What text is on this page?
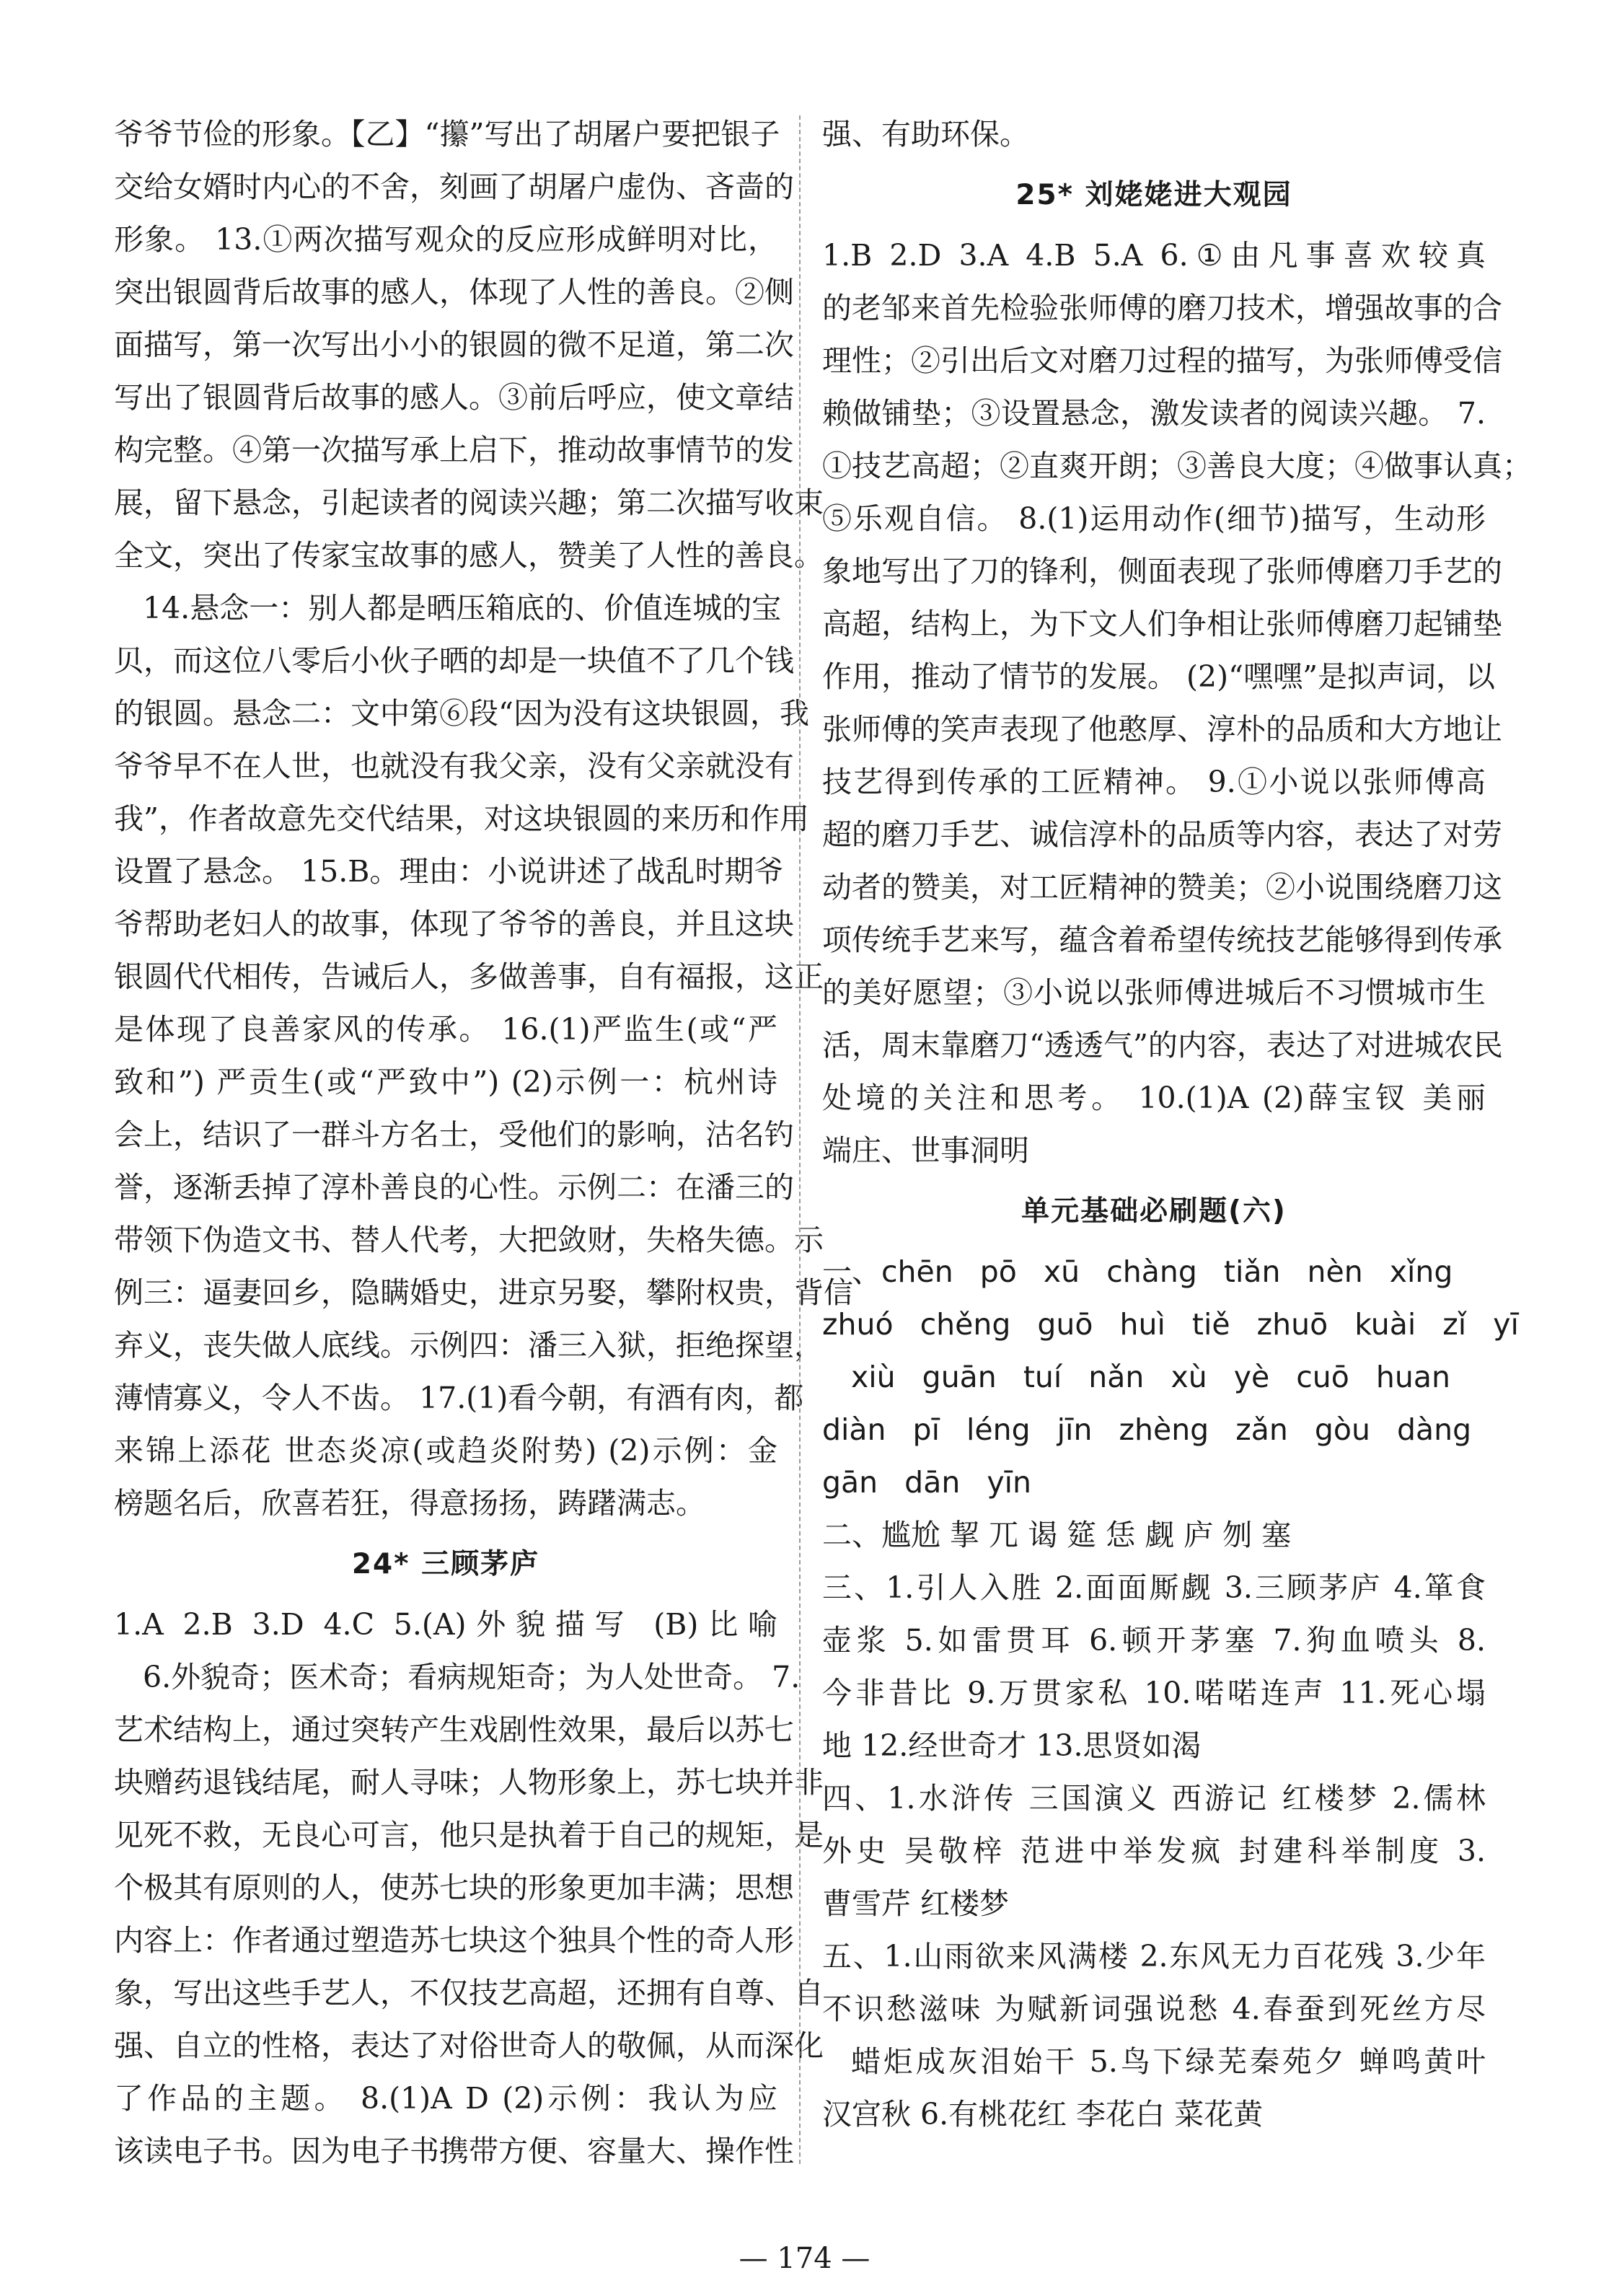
爷爷节俭的形象。【乙】“攥”写出了胡屠户要把银子
交给女婿时内心的不舍，刻画了胡屠户虚伪、吝啬的
形象。 13.①两次描写观众的反应形成鲜明对比，
突出银圆背后故事的感人，体现了人性的善良。②侧
面描写，第一次写出小小的银圆的微不足道，第二次
写出了银圆背后故事的感人。③前后呼应，使文章结
构完整。④第一次描写承上启下，推动故事情节的发
展，留下悬念，引起读者的阅读兴趣；第二次描写收束
全文，突出了传家宝故事的感人，赞美了人性的善良。
14.悬念一：别人都是晒压箱底的、价值连城的宝
贝，而这位八零后小伙子晒的却是一块值不了几个钱
的银圆。悬念二：文中第⑥段“因为没有这块银圆，我
爷爷早不在人世，也就没有我父亲，没有父亲就没有
我”，作者故意先交代结果，对这块银圆的来历和作用
设置了悬念。 15.B。理由：小说讲述了战乱时期爷
爷帮助老妇人的故事，体现了爷爷的善良，并且这块
银圆代代相传，告诫后人，多做善事，自有福报，这正
是体现了良善家风的传承。 16.(1)严监生(或“严
致和”) 严贡生(或“严致中”) (2)示例一：杭州诗
会上，结识了一群斗方名士，受他们的影响，沽名钓
誉，逐渐丢掉了淳朴善良的心性。示例二：在潘三的
带领下伪造文书、替人代考，大把敛财，失格失德。示
例三：逼妻回乡，隐瞒婚史，进京另娶，攀附权贵，背信
弃义，丧失做人底线。示例四：潘三入狱，拒绝探望，
薄情寡义，令人不齿。 17.(1)看今朝，有酒有肉，都
来锦上添花 世态炎凉(或趋炎附势) (2)示例：金
榜题名后，欣喜若狂，得意扬扬，踌躇满志。
24* 三顾茅庐
1.A 2.B 3.D 4.C 5.(A)外貌描写 (B)比喻
6.外貌奇；医术奇；看病规矩奇；为人处世奇。 7.
艺术结构上，通过突转产生戏剧性效果，最后以苏七
块赠药退钱结尾，耐人寻味；人物形象上，苏七块并非
见死不救，无良心可言，他只是执着于自己的规矩，是
个极其有原则的人，使苏七块的形象更加丰满；思想
内容上：作者通过塑造苏七块这个独具个性的奇人形
象，写出这些手艺人，不仅技艺高超，还拥有自尊、自
强、自立的性格，表达了对俗世奇人的敬佩，从而深化
了作品的主题。 8.(1)A D (2)示例：我认为应
该读电子书。因为电子书携带方便、容量大、操作性
强、有助环保。
25* 刘姥姥进大观园
1.B 2.D 3.A 4.B 5.A 6.①由凡事喜欢较真
的老邹来首先检验张师傅的磨刀技术，增强故事的合
理性；②引出后文对磨刀过程的描写，为张师傅受信
赖做铺垫；③设置悬念，激发读者的阅读兴趣。 7.
①技艺高超；②直爽开朗；③善良大度；④做事认真；
⑤乐观自信。 8.(1)运用动作(细节)描写，生动形
象地写出了刀的锋利，侧面表现了张师傅磨刀手艺的
高超，结构上，为下文人们争相让张师傅磨刀起铺垫
作用，推动了情节的发展。 (2)“嘿嘿”是拟声词，以
张师傅的笑声表现了他憨厚、淳朴的品质和大方地让
技艺得到传承的工匠精神。 9.①小说以张师傅高
超的磨刀手艺、诚信淳朴的品质等内容，表达了对劳
动者的赞美，对工匠精神的赞美；②小说围绕磨刀这
项传统手艺来写，蕴含着希望传统技艺能够得到传承
的美好愿望；③小说以张师傅进城后不习惯城市生
活，周末靠磨刀“透透气”的内容，表达了对进城农民
处境的关注和思考。 10.(1)A (2)薛宝钗 美丽
端庄、世事洞明
单元基础必刷题(六)
一、chēn pō xū chàng tiǎn nèn xǐng
zhuó chěng guō huì tiě zhuō kuài zǐ yī
xiù guān tuí nǎn xù yè cuō huan
diàn pī léng jīn zhèng zǎn gòu dàng
gān dān yīn
二、尴尬 挈 兀 谒 筵 恁 觑 庐 刎 塞
三、1.引人入胜 2.面面厮觑 3.三顾茅庐 4.箪食
壶浆 5.如雷贯耳 6.顿开茅塞 7.狗血喷头 8.
今非昔比 9.万贯家私 10.喏喏连声 11.死心塌
地 12.经世奇才 13.思贤如渴
四、1.水浒传 三国演义 西游记 红楼梦 2.儒林
外史 吴敬梓 范进中举发疯 封建科举制度 3.
曹雪芹 红楼梦
五、1.山雨欲来风满楼 2.东风无力百花残 3.少年
不识愁滋味 为赋新词强说愁 4.春蚕到死丝方尽
蜡炬成灰泪始干 5.鸟下绿芜秦苑夕 蝉鸣黄叶
汉宫秋 6.有桃花红 李花白 菜花黄
— 174 —
